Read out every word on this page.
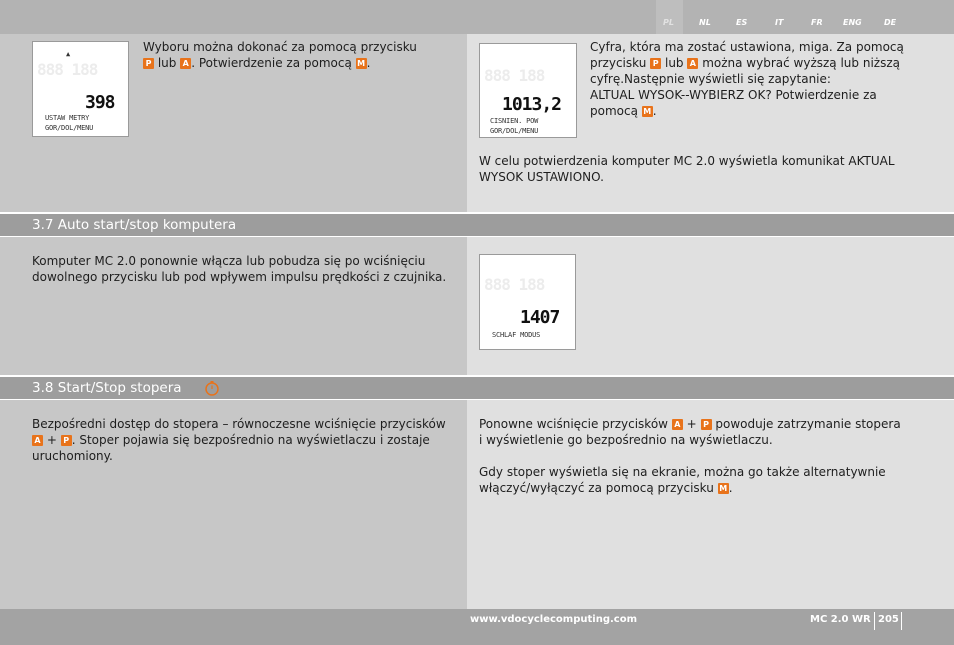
PL	NL	ES	IT	FR	ENG	DE
888 188
▲
398
USTAW METRY
GOR/DOL/MENU
Wyboru można dokonać za pomocą przycisku
P lub A . Potwierdzenie za pomocą M .
888 188
1013,2
CISNIEN. POW
GOR/DOL/MENU
Cyfra, która ma zostać ustawiona, miga. Za pomocą
przycisku P lub A można wybrać wyższą lub niższą
cyfrę.Następnie wyświetli się zapytanie:
ALTUAL WYSOK--WYBIERZ OK? Potwierdzenie za
pomocą M .
W celu potwierdzenia komputer MC 2.0 wyświetla komunikat AKTUAL
WYSOK USTAWIONO.
3.7 Auto start/stop komputera
Komputer MC 2.0 ponownie włącza lub pobudza się po wciśnięciu
dowolnego przycisku lub pod wpływem impulsu prędkości z czujnika.	888 188
1407
SCHLAF MODUS
3.8 Start/Stop stopera
Bezpośredni dostęp do stopera – równoczesne wciśnięcie przycisków
A + P . Stoper pojawia się bezpośrednio na wyświetlaczu i zostaje
uruchomiony.
Ponowne wciśnięcie przycisków A + P powoduje zatrzymanie stopera
i wyświetlenie go bezpośrednio na wyświetlaczu.
Gdy stoper wyświetla się na ekranie, można go także alternatywnie
włączyć/wyłączyć za pomocą przycisku M .
www.vdocyclecomputing.com	MC 2.0 WR 205
